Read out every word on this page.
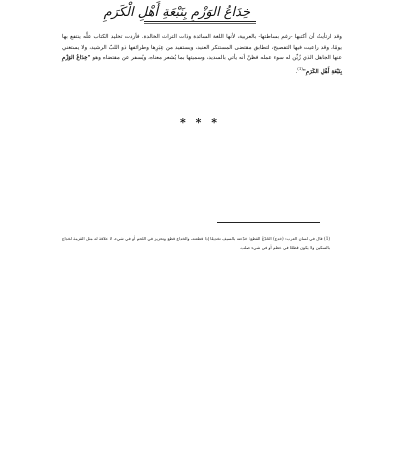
خِدَاعُ الوَزْمِ بِنَبْعَةِ أَهْلِ الْكَرَمِ
وقد ارتأيتُ أن أكتبها -رغم بساطتها- بالعربية، لأنها اللغة السائدة وذات التراث الخالدة. فأردت تخليد الكتاب علَّه ينتفع بها يومًا، وقد راعيت فيها التفصيح، لتطابق مقتضى المستنكر العنيد، ويستفيد من عِبَرِها وطرائفها ذو اللبّ الرشيد، ولا يستغني عنها الجاهل الذي زُيِّن له سوء عمله فظنّ أنه يأتي بالسديد، وسميتها بما يُشعر معناه، ويُسفر عن مقتضاه وهو "خِدَاعُ الوَزْمِ بِنَبْعَةِ أَهْلِ الكَرَمِ"$^{(1)}$.
* * *
(1) قال في لسان العرب: (خدع) الخَدْعُ القطع؛ خدّعته بالسيف تخديعًا إذا قطعته، والخداع قطع وتحزيز في اللحم أو في شيء، لا علاقة له مثل القزمة لخداع بالسكين ولا يكون قطعًا في عظم أو في شيء صلب.
